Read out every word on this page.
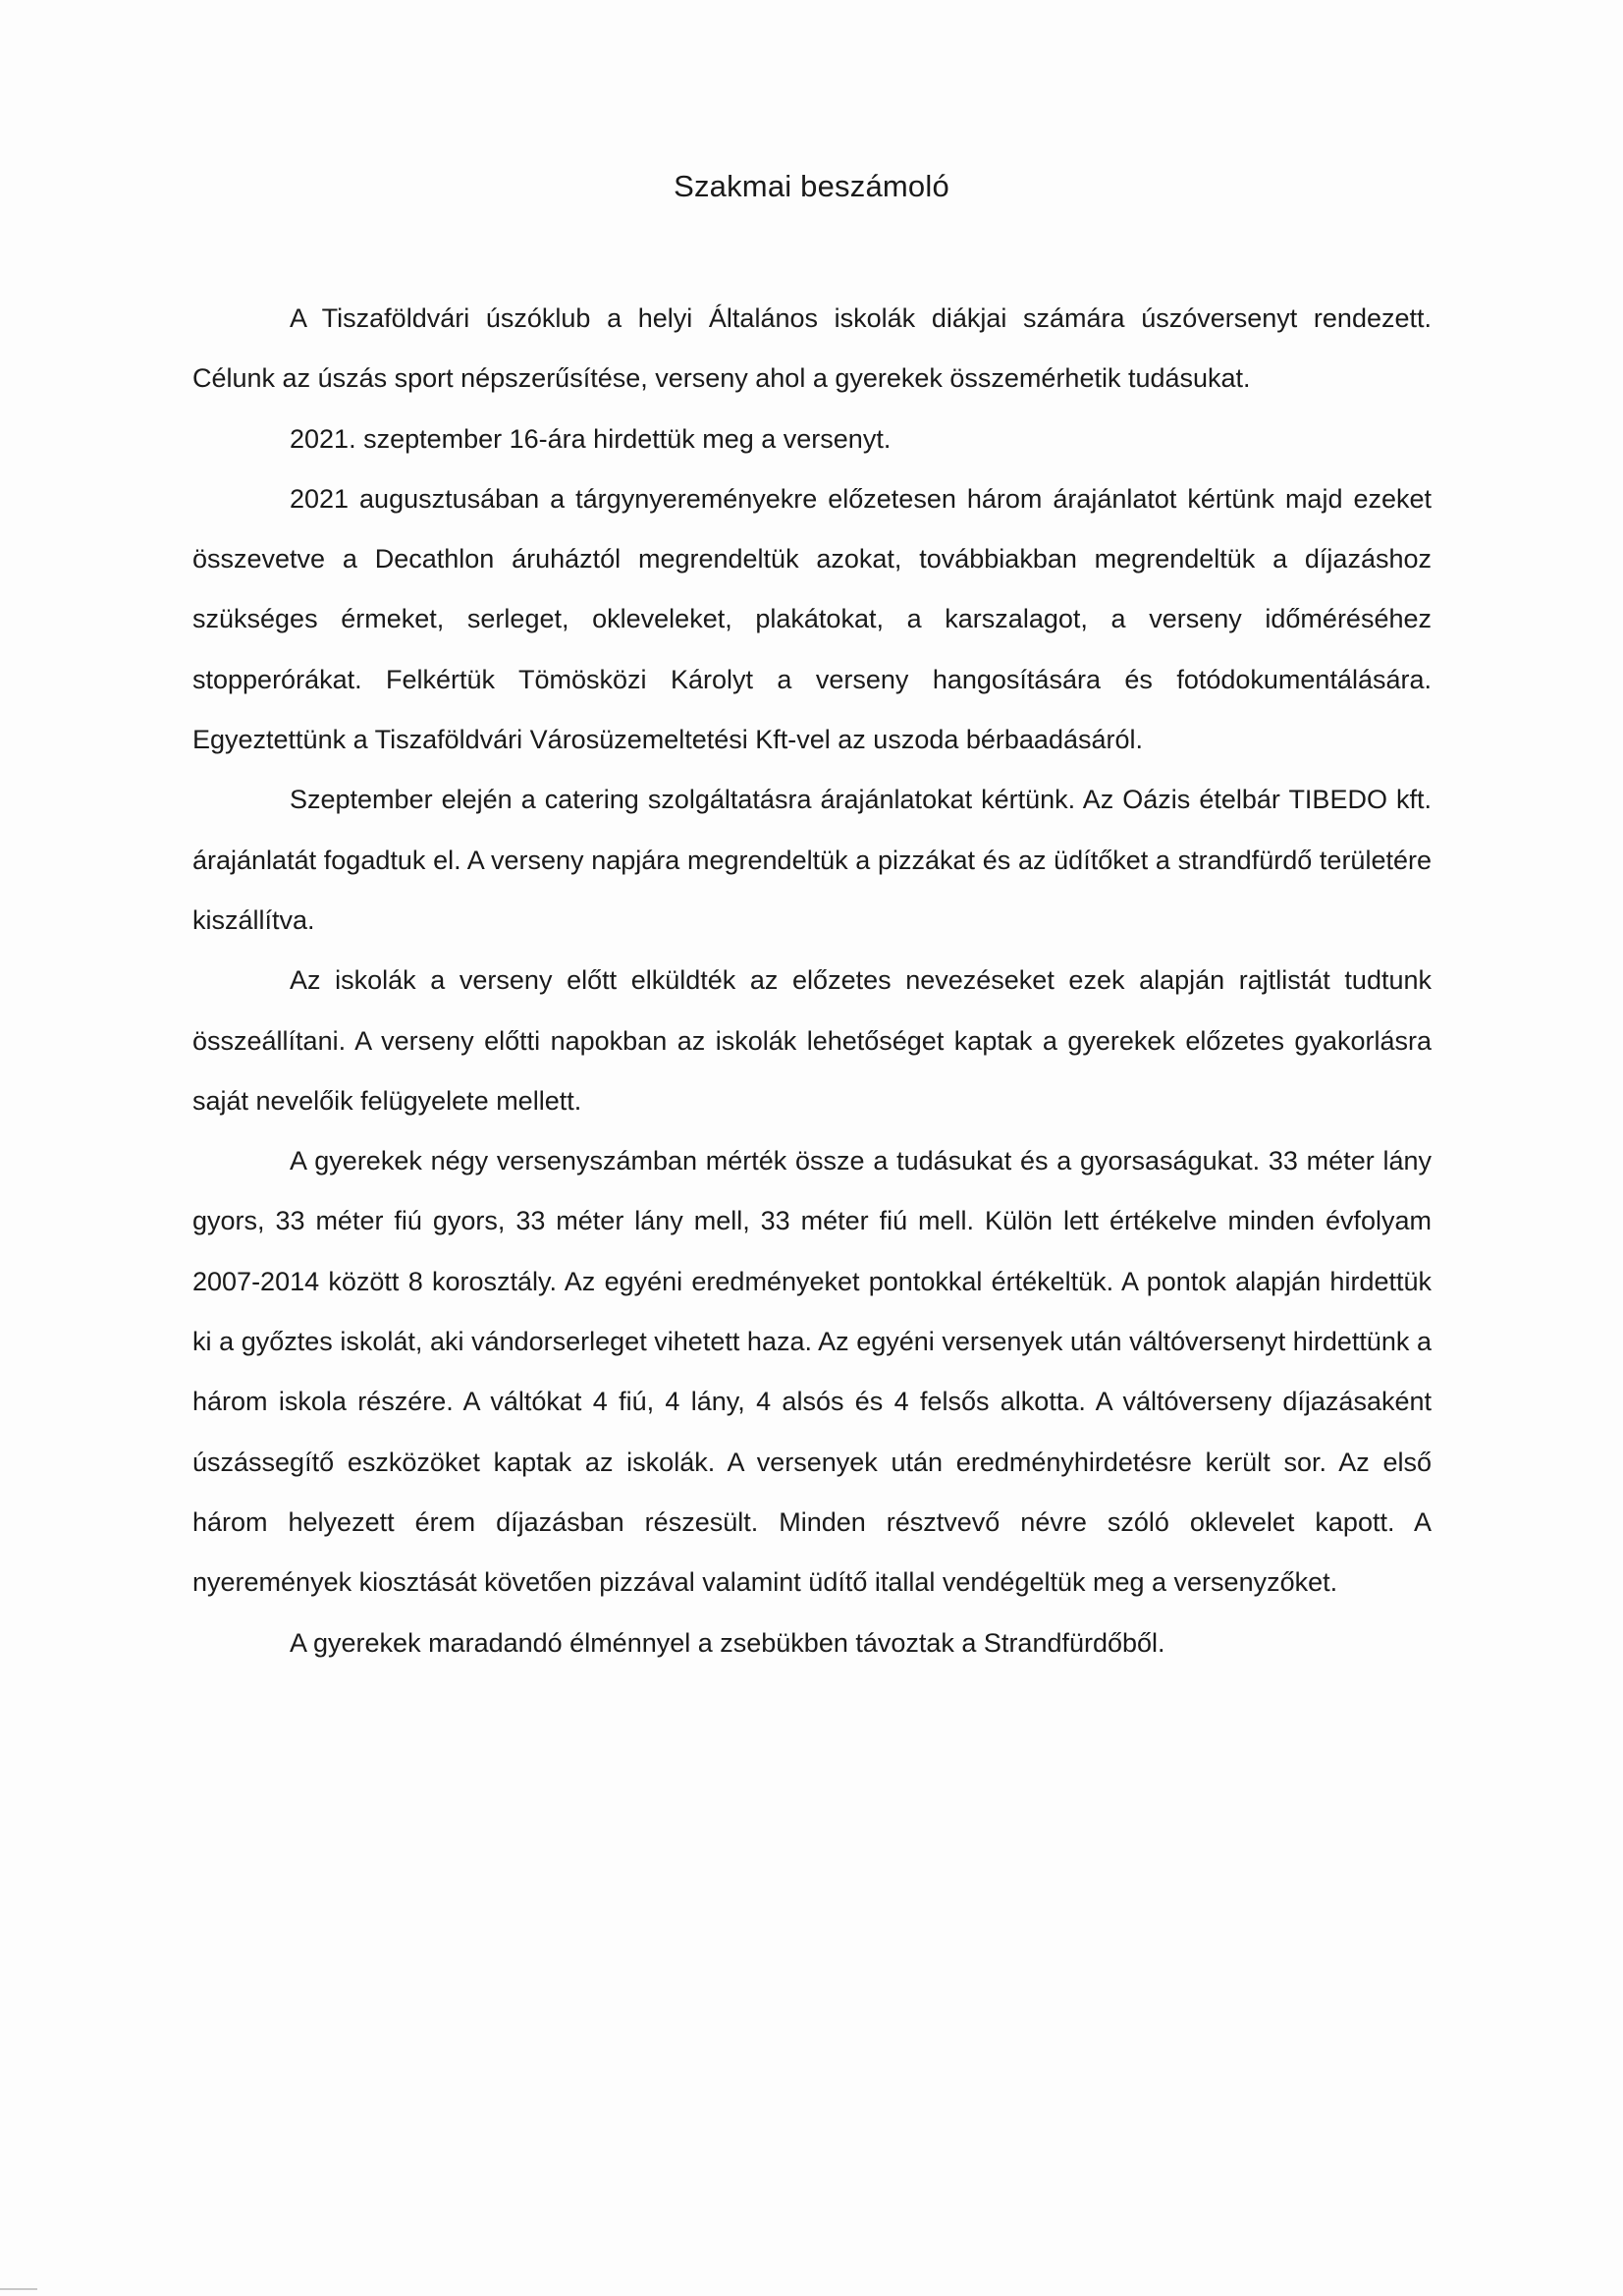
Szakmai beszámoló

A Tiszaföldvári úszóklub a helyi Általános iskolák diákjai számára úszóversenyt rendezett. Célunk az úszás sport népszerűsítése, verseny ahol a gyerekek összemérhetik tudásukat.

2021. szeptember 16-ára hirdettük meg a versenyt.

2021 augusztusában a tárgynyereményekre előzetesen három árajánlatot kértünk majd ezeket összevetve a Decathlon áruháztól megrendeltük azokat, továbbiakban megrendeltük a díjazáshoz szükséges érmeket, serleget, okleveleket, plakátokat, a karszalagot, a verseny időméréséhez stopperórákat. Felkértük Tömösközi Károlyt a verseny hangosítására és fotódokumentálására. Egyeztettünk a Tiszaföldvári Városüzemeltetési Kft-vel az uszoda bérbaadásáról.

Szeptember elején a catering szolgáltatásra árajánlatokat kértünk. Az Oázis ételbár TIBEDO kft. árajánlatát fogadtuk el. A verseny napjára megrendeltük a pizzákat és az üdítőket a strandfürdő területére kiszállítva.

Az iskolák a verseny előtt elküldték az előzetes nevezéseket ezek alapján rajtlistát tudtunk összeállítani. A verseny előtti napokban az iskolák lehetőséget kaptak a gyerekek előzetes gyakorlásra saját nevelőik felügyelete mellett.

A gyerekek négy versenyszámban mérték össze a tudásukat és a gyorsaságukat. 33 méter lány gyors, 33 méter fiú gyors, 33 méter lány mell, 33 méter fiú mell. Külön lett értékelve minden évfolyam 2007-2014 között 8 korosztály. Az egyéni eredményeket pontokkal értékeltük. A pontok alapján hirdettük ki a győztes iskolát, aki vándorserleget vihetett haza. Az egyéni versenyek után váltóversenyt hirdettünk a három iskola részére. A váltókat 4 fiú, 4 lány, 4 alsós és 4 felsős alkotta. A váltóverseny díjazásaként úszássegítő eszközöket kaptak az iskolák. A versenyek után eredményhirdetésre került sor. Az első három helyezett érem díjazásban részesült. Minden résztvevő névre szóló oklevelet kapott. A nyeremények kiosztását követően pizzával valamint üdítő itallal vendégeltük meg a versenyzőket.

A gyerekek maradandó élménnyel a zsebükben távoztak a Strandfürdőből.
